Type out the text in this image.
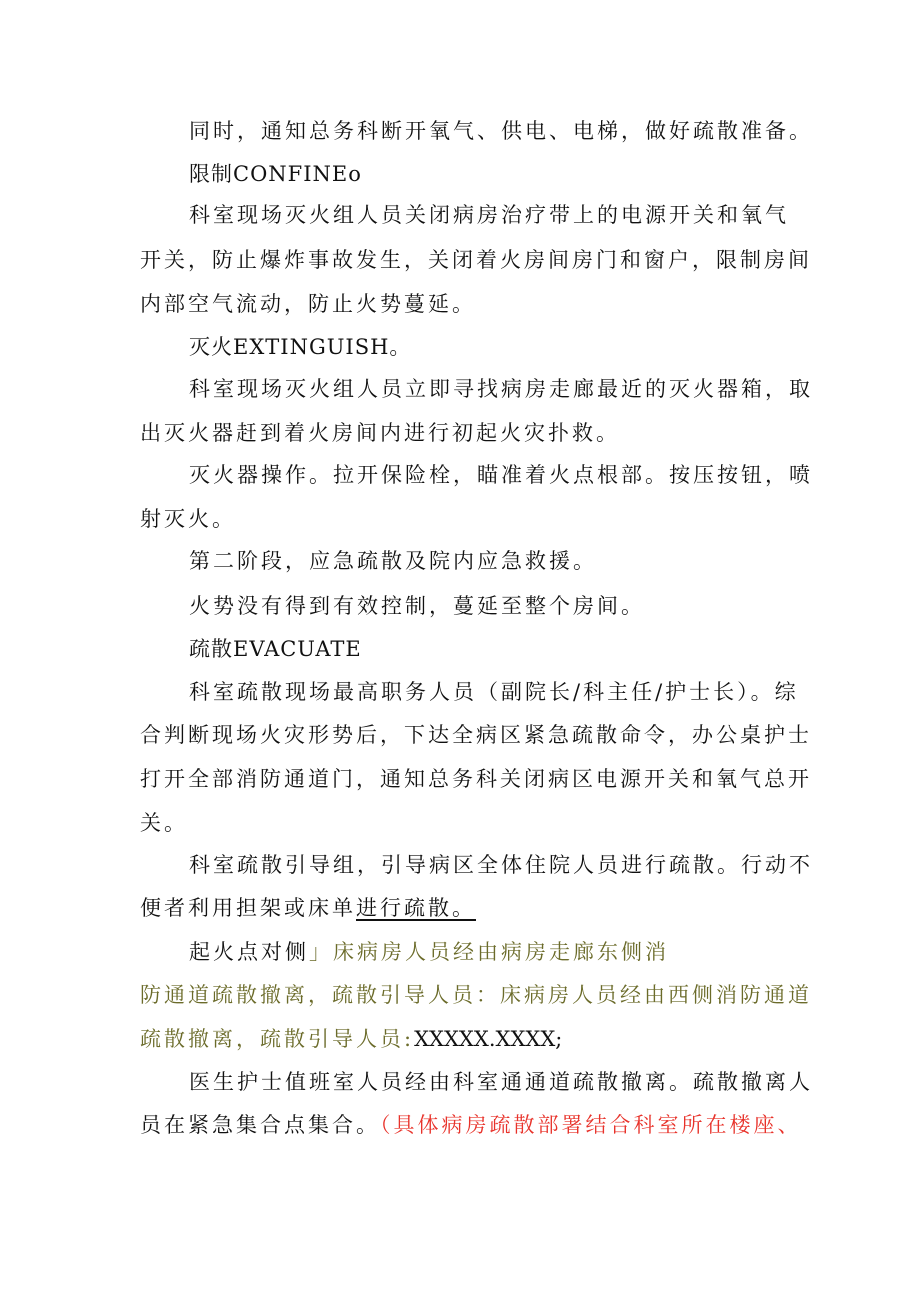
同时，通知总务科断开氧气、供电、电梯，做好疏散准备。
限制CONFINEo
科室现场灭火组人员关闭病房治疗带上的电源开关和氧气
开关，防止爆炸事故发生，关闭着火房间房门和窗户，限制房间
内部空气流动，防止火势蔓延。
灭火EXTINGUISH。
科室现场灭火组人员立即寻找病房走廊最近的灭火器箱，取
出灭火器赶到着火房间内进行初起火灾扑救。
灭火器操作。拉开保险栓，瞄准着火点根部。按压按钮，喷
射灭火。
第二阶段，应急疏散及院内应急救援。
火势没有得到有效控制，蔓延至整个房间。
疏散EVACUATE
科室疏散现场最高职务人员（副院长/科主任/护士长）。综
合判断现场火灾形势后，下达全病区紧急疏散命令，办公桌护士
打开全部消防通道门，通知总务科关闭病区电源开关和氧气总开
关。
科室疏散引导组，引导病区全体住院人员进行疏散。行动不
便者利用担架或床单进行疏散。
起火点对侧」床病房人员经由病房走廊东侧消
防通道疏散撤离，疏散引导人员：床病房人员经由西侧消防通道
疏散撤离，疏散引导人员:XXXXX.XXXX;
医生护士值班室人员经由科室通通道疏散撤离。疏散撤离人
员在紧急集合点集合。（具体病房疏散部署结合科室所在楼座、
